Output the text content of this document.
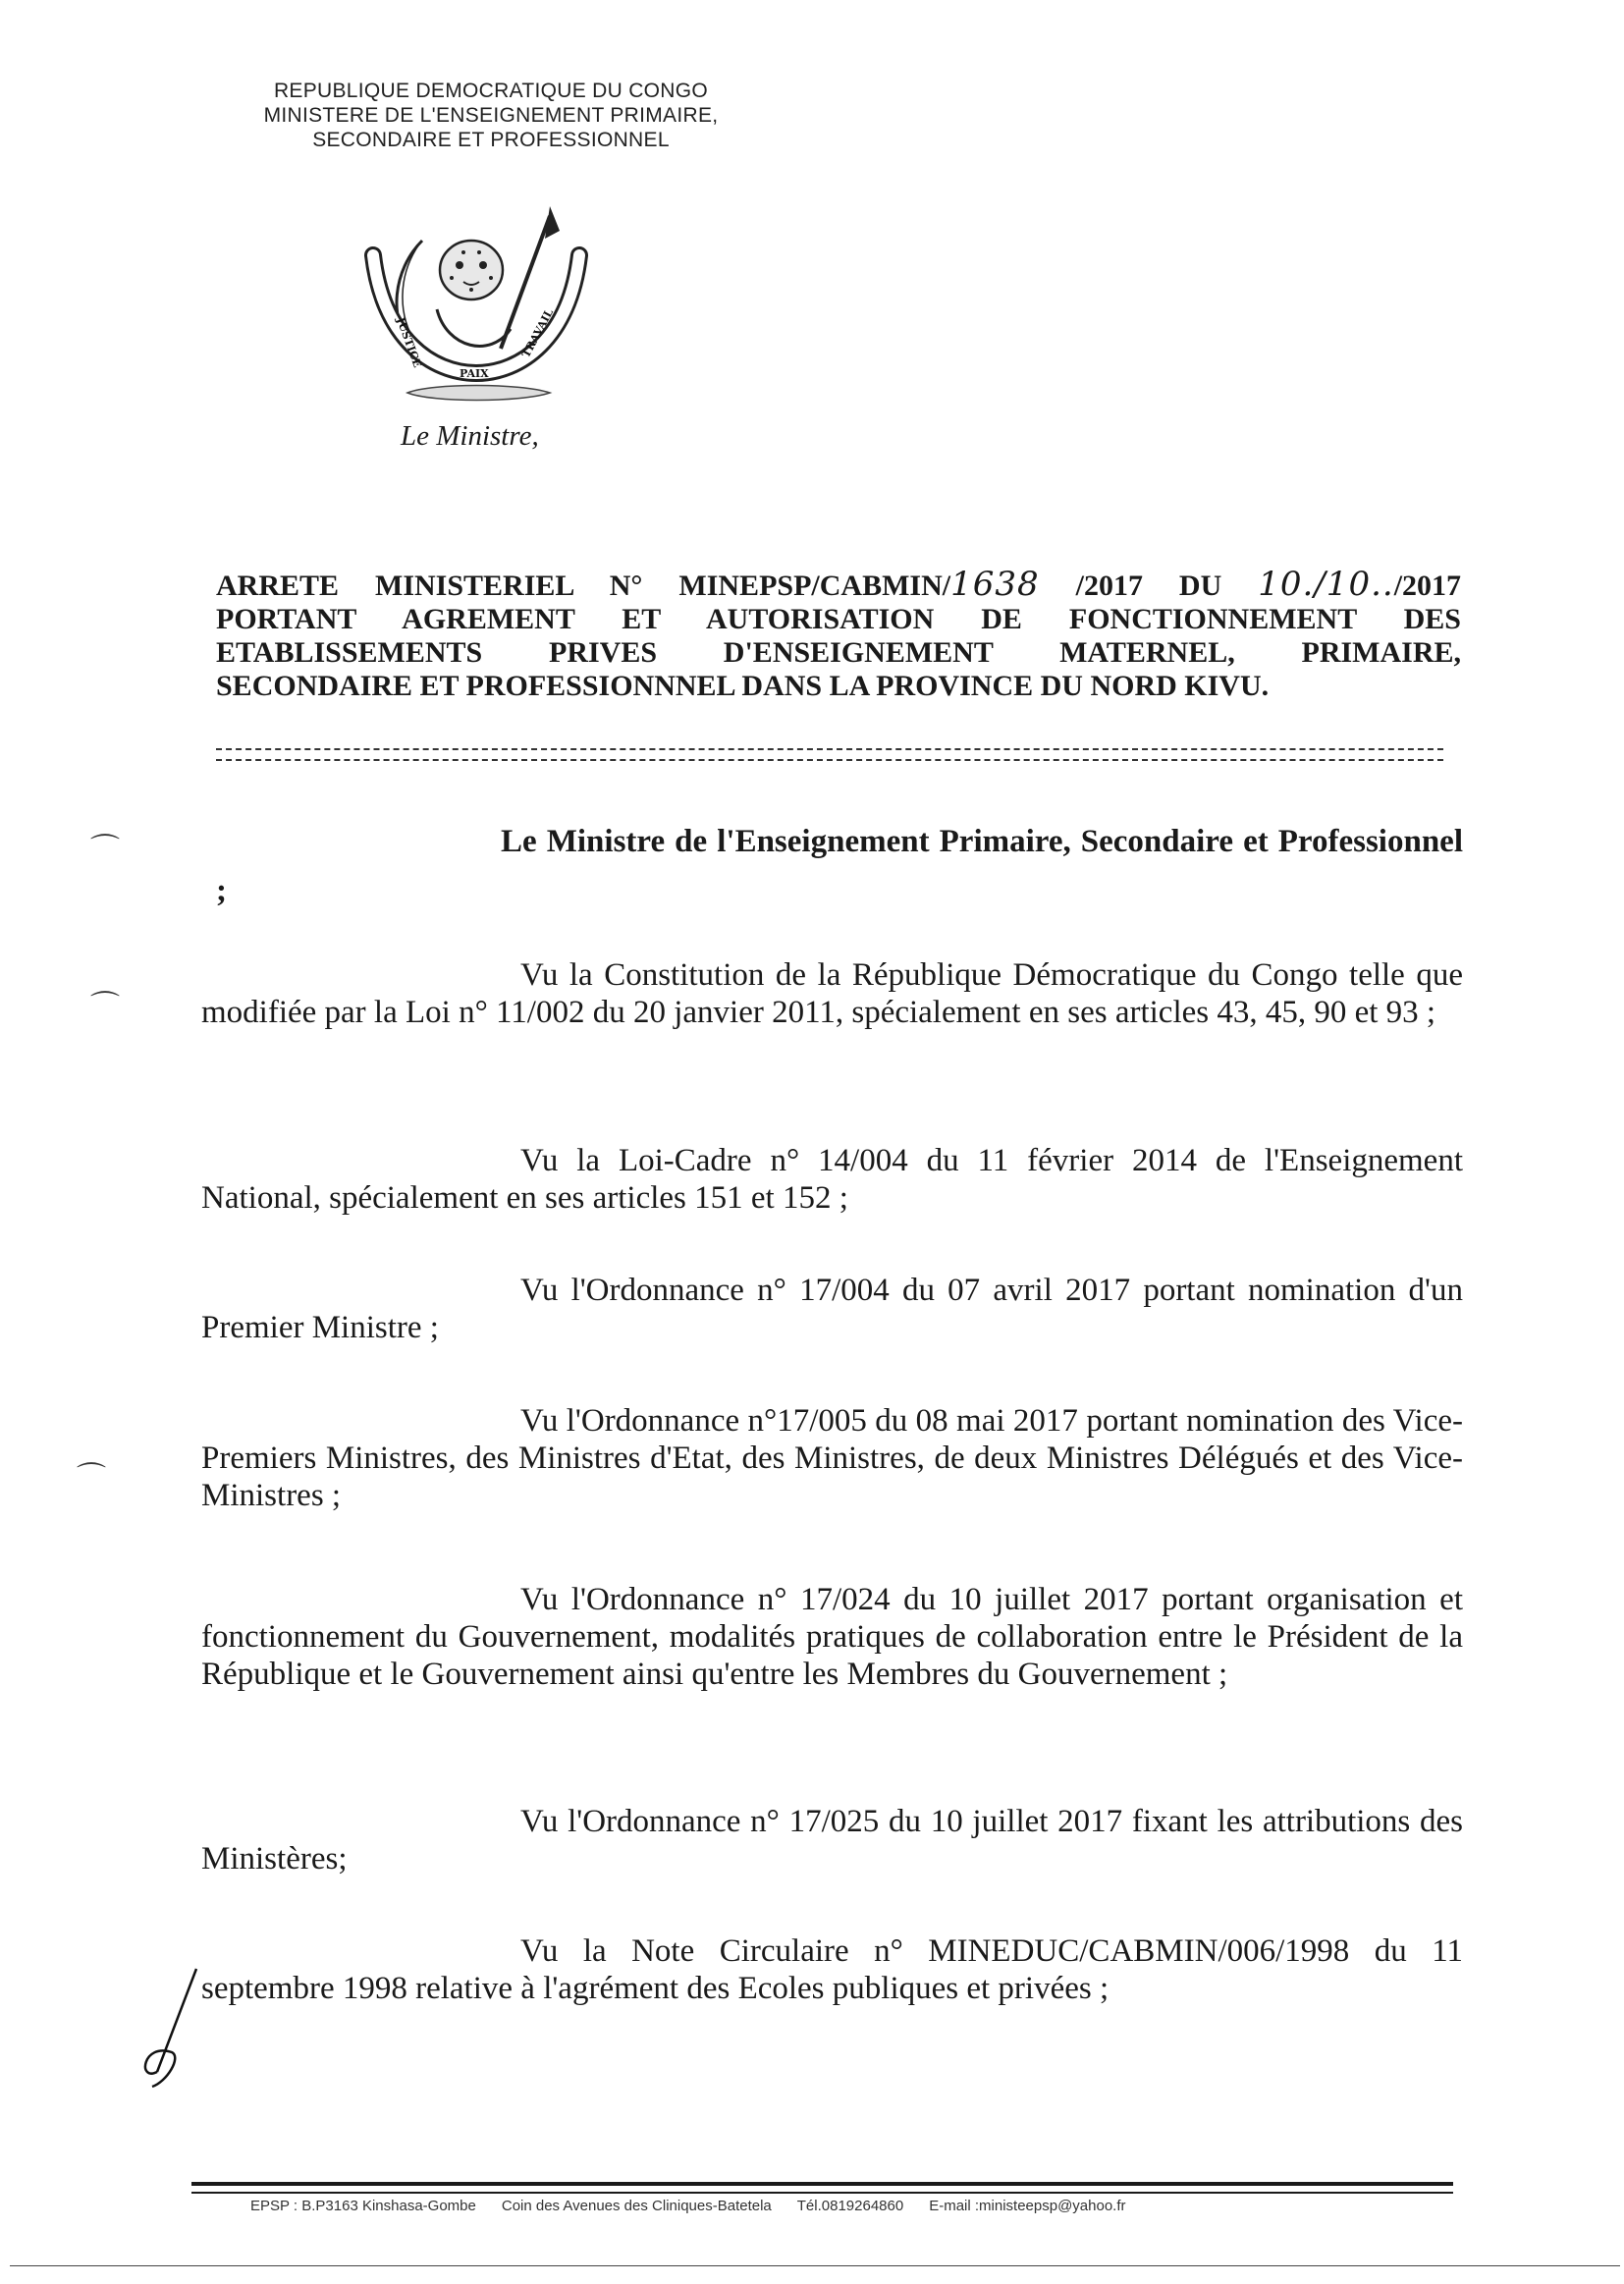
REPUBLIQUE DEMOCRATIQUE DU CONGO
MINISTERE DE L'ENSEIGNEMENT PRIMAIRE,
SECONDAIRE ET PROFESSIONNEL
JUSTICE
PAIX
TRAVAIL
Le Ministre,
ARRETE MINISTERIEL N° MINEPSP/CABMIN/1638 /2017 DU 10./10../2017
PORTANT AGREMENT ET AUTORISATION DE FONCTIONNEMENT DES
ETABLISSEMENTS PRIVES D'ENSEIGNEMENT MATERNEL, PRIMAIRE,
SECONDAIRE ET PROFESSIONNNEL DANS LA PROVINCE DU NORD KIVU.
Le Ministre de l'Enseignement Primaire, Secondaire et Professionnel ;
⌒
⌒
⌒
Vu la Constitution de la République Démocratique du Congo telle que modifiée par la Loi n° 11/002 du 20 janvier 2011, spécialement en ses articles 43, 45, 90 et 93 ;
Vu la Loi-Cadre n° 14/004 du 11 février 2014 de l'Enseignement National, spécialement en ses articles 151 et 152 ;
Vu l'Ordonnance n° 17/004 du 07 avril 2017 portant nomination d'un Premier Ministre ;
Vu l'Ordonnance n°17/005 du 08 mai 2017 portant nomination des Vice-Premiers Ministres, des Ministres d'Etat, des Ministres, de deux Ministres Délégués et des Vice-Ministres ;
Vu l'Ordonnance n° 17/024 du 10 juillet 2017 portant organisation et fonctionnement du Gouvernement, modalités pratiques de collaboration entre le Président de la République et le Gouvernement ainsi qu'entre les Membres du Gouvernement ;
Vu l'Ordonnance n° 17/025 du 10 juillet 2017 fixant les attributions des Ministères;
Vu la Note Circulaire n° MINEDUC/CABMIN/006/1998 du 11 septembre 1998 relative à l'agrément des Ecoles publiques et privées ;
EPSP : B.P3163 Kinshasa-Gombe Coin des Avenues des Cliniques-Batetela Tél.0819264860 E-mail :ministeepsp@yahoo.fr
